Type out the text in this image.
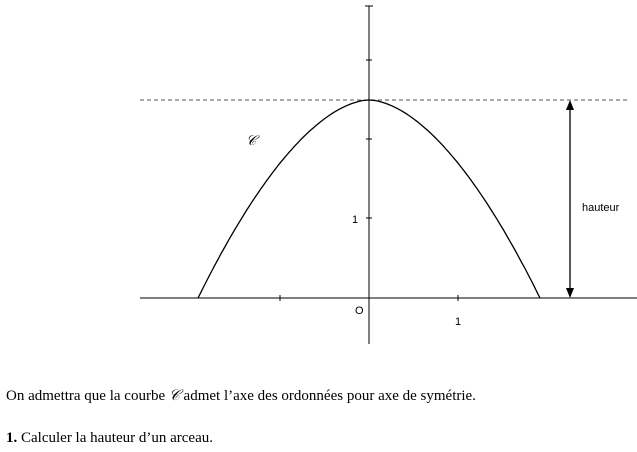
𝒞
hauteur
1
O
1
On admettra que la courbe 𝒞 admet l’axe des ordonnées pour axe de symétrie.
1. Calculer la hauteur d’un arceau.
